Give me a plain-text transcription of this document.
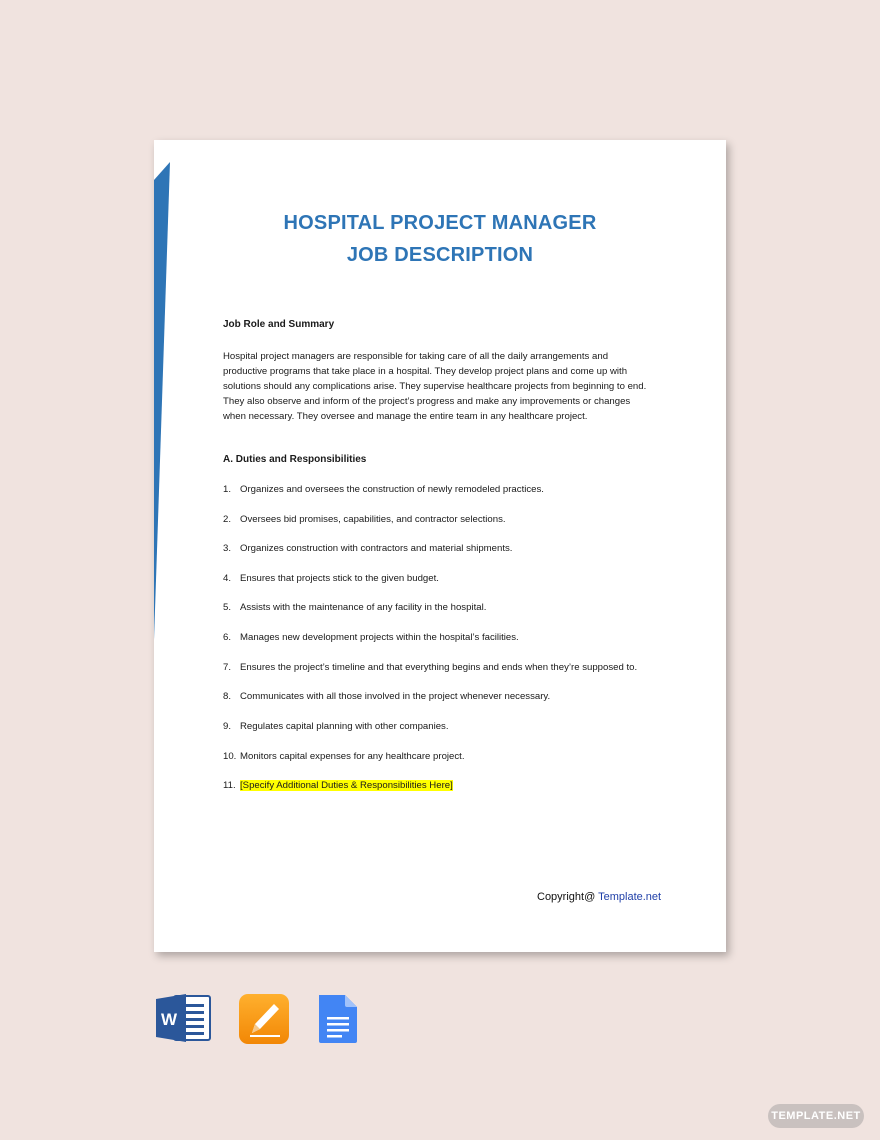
HOSPITAL PROJECT MANAGER
JOB DESCRIPTION
Job Role and Summary
Hospital project managers are responsible for taking care of all the daily arrangements and
productive programs that take place in a hospital. They develop project plans and come up with
solutions should any complications arise. They supervise healthcare projects from beginning to end.
They also observe and inform of the project’s progress and make any improvements or changes
when necessary. They oversee and manage the entire team in any healthcare project.
A. Duties and Responsibilities
1. Organizes and oversees the construction of newly remodeled practices.
2. Oversees bid promises, capabilities, and contractor selections.
3. Organizes construction with contractors and material shipments.
4. Ensures that projects stick to the given budget.
5. Assists with the maintenance of any facility in the hospital.
6. Manages new development projects within the hospital’s facilities.
7. Ensures the project’s timeline and that everything begins and ends when they’re supposed to.
8. Communicates with all those involved in the project whenever necessary.
9. Regulates capital planning with other companies.
10. Monitors capital expenses for any healthcare project.
11. [Specify Additional Duties & Responsibilities Here]
Copyright@ Template.net
W
TEMPLATE.NET
